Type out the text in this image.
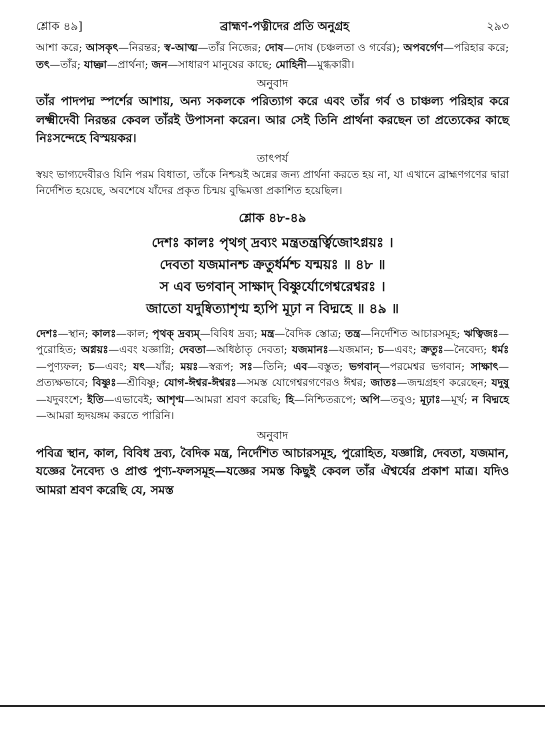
শ্লোক ৪৯]	ব্রাহ্মণ-পত্নীদের প্রতি অনুগ্রহ	২৯৩

আশা করে; আসকৃৎ—নিরন্তর; স্ব-আত্ম—তাঁর নিজের; দোষ—দোষ (চঞ্চলতা ও গর্বের); অপবর্গেণ—পরিহার করে; তৎ—তাঁর; যাচ্ঞা—প্রার্থনা; জন—সাধারণ মানুষের কাছে; মোহিনী—মুগ্ধকারী।

অনুবাদ

তাঁর পাদপদ্ম স্পর্শের আশায়, অন্য সকলকে পরিত্যাগ করে এবং তাঁর গর্ব ও চাঞ্চল্য পরিহার করে লক্ষ্মীদেবী নিরন্তর কেবল তাঁরই উপাসনা করেন। আর সেই তিনি প্রার্থনা করছেন তা প্রত্যেকের কাছে নিঃসন্দেহে বিস্ময়কর।

তাৎপর্য

স্বয়ং ভাগ্যদেবীরও যিনি পরম বিধাতা, তাঁকে নিশ্চয়ই অন্নের জন্য প্রার্থনা করতে হয় না, যা এখানে ব্রাহ্মণগণের দ্বারা নির্দেশিত হয়েছে, অবশেষে যাঁদের প্রকৃত চিন্ময় বুদ্ধিমত্তা প্রকাশিত হয়েছিল।

শ্লোক ৪৮-৪৯
দেশঃ কালঃ পৃথগ্ দ্রব্যং মন্ত্রতন্ত্রর্ত্বিজোঽগ্নয়ঃ ।
দেবতা যজমানশ্চ ক্রতুর্ধর্মশ্চ যন্ময়ঃ ॥ ৪৮ ॥
স এব ভগবান্ সাক্ষাদ্ বিষ্ণুর্যোগেশ্বরেশ্বরঃ ।
জাতো যদুষ্বিত্যাশৃণ্ম হ্যপি মূঢ়া ন বিদ্মহে ॥ ৪৯ ॥

দেশঃ—স্থান; কালঃ—কাল; পৃথক্ দ্রব্যম্—বিবিধ দ্রব্য; মন্ত্র—বৈদিক স্তোত্র; তন্ত্র—নির্দেশিত আচারসমূহ; ঋত্বিজঃ—পুরোহিত; অগ্নয়ঃ—এবং যজ্ঞাগ্নি; দেবতা—অধিষ্ঠাতৃ দেবতা; যজমানঃ—যজমান; চ—এবং; ক্রতুঃ—নৈবেদ্য; ধর্মঃ—পুণ্যফল; চ—এবং; যৎ—যাঁর; ময়ঃ—স্বরূপ; সঃ—তিনি; এব—বস্তুত; ভগবান্—পরমেশ্বর ভগবান; সাক্ষাৎ—প্রত্যক্ষভাবে; বিষ্ণুঃ—শ্রীবিষ্ণু; যোগ-ঈশ্বর-ঈশ্বরঃ—সমস্ত যোগেশ্বরগণেরও ঈশ্বর; জাতঃ—জন্মগ্রহণ করেছেন; যদুষু—যদুবংশে; ইতি—এভাবেই; আশৃণ্ম—আমরা শ্রবণ করেছি; হি—নিশ্চিতরূপে; অপি—তবুও; মূঢ়াঃ—মূর্খ; ন বিদ্মহে—আমরা হৃদয়ঙ্গম করতে পারিনি।

অনুবাদ

পবিত্র স্থান, কাল, বিবিধ দ্রব্য, বৈদিক মন্ত্র, নির্দেশিত আচারসমূহ, পুরোহিত, যজ্ঞাগ্নি, দেবতা, যজমান, যজ্ঞের নৈবেদ্য ও প্রাপ্ত পুণ্য-ফলসমূহ—যজ্ঞের সমস্ত কিছুই কেবল তাঁর ঐশ্বর্যের প্রকাশ মাত্র। যদিও আমরা শ্রবণ করেছি যে, সমস্ত
